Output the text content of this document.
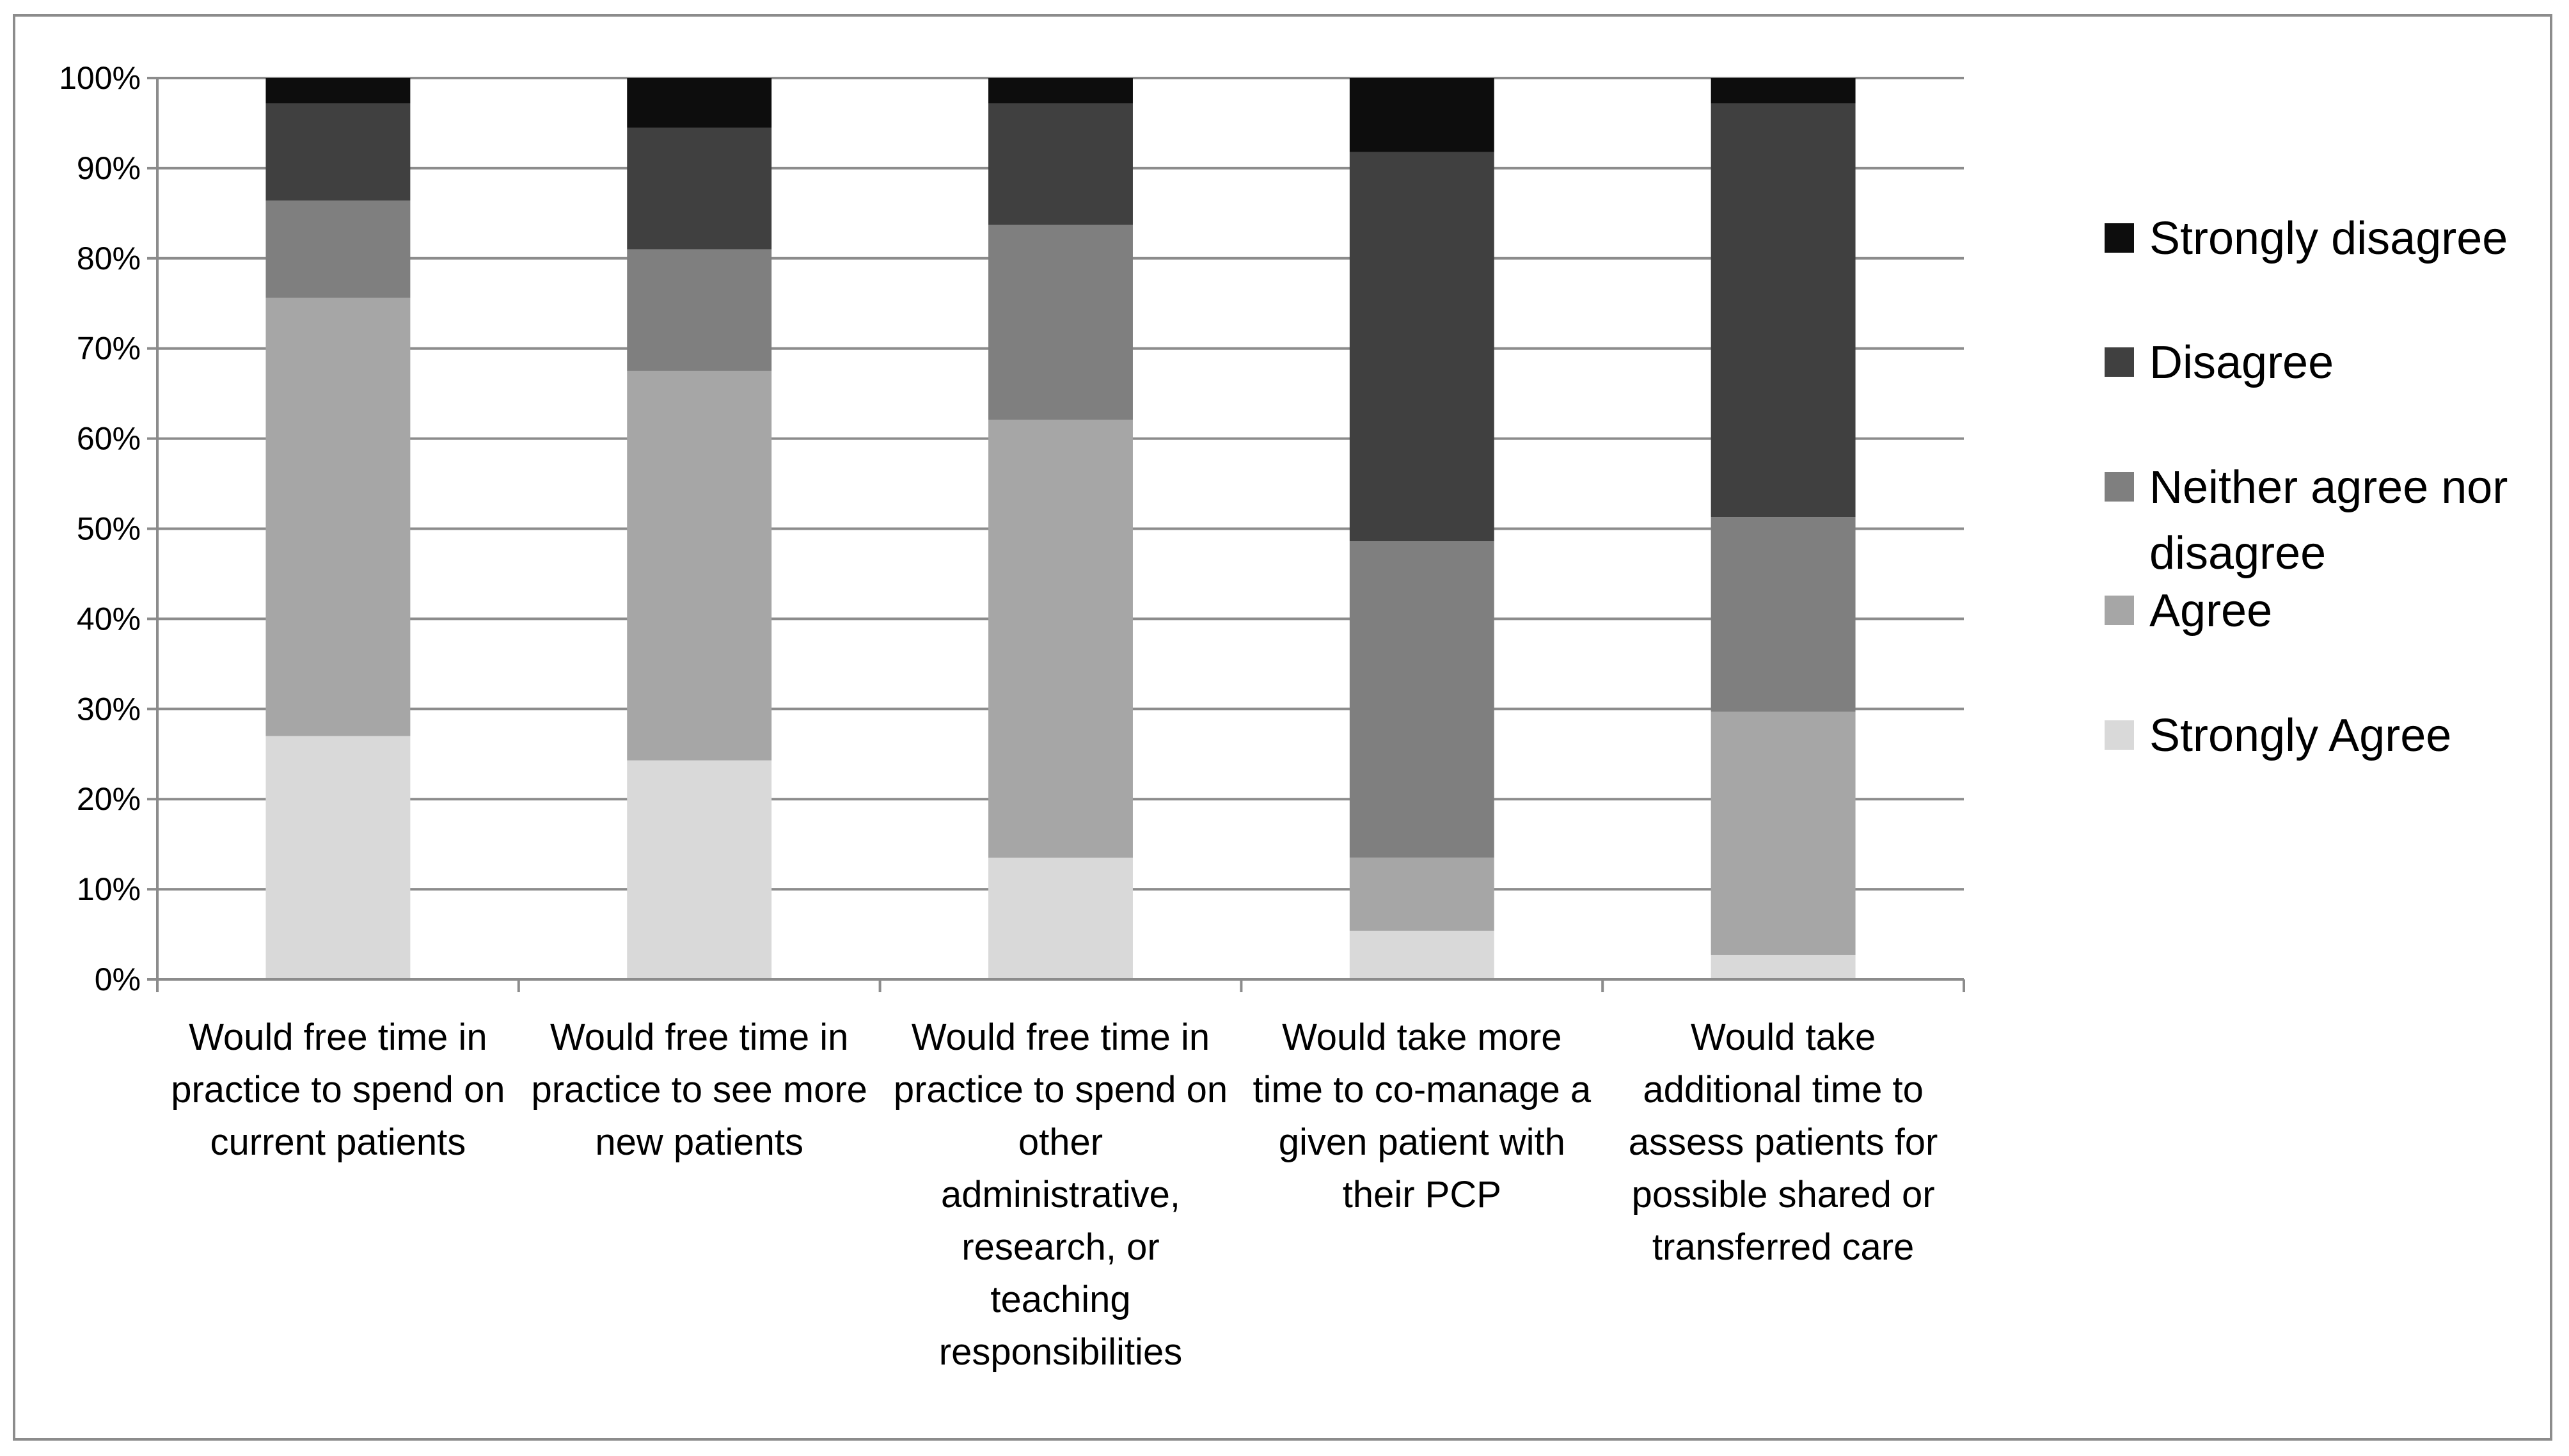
0%
10%
20%
30%
40%
50%
60%
70%
80%
90%
100%
Would free time in practice to spend on current patients
Would free time in practice to see more new patients
Would free time in practice to spend on other administrative, research, or teaching responsibilities
Would take more time to co-manage a given patient with their PCP
Would take additional time to assess patients for possible shared or transferred care
Strongly disagree
Disagree
Neither agree nor disagree
Agree
Strongly Agree
